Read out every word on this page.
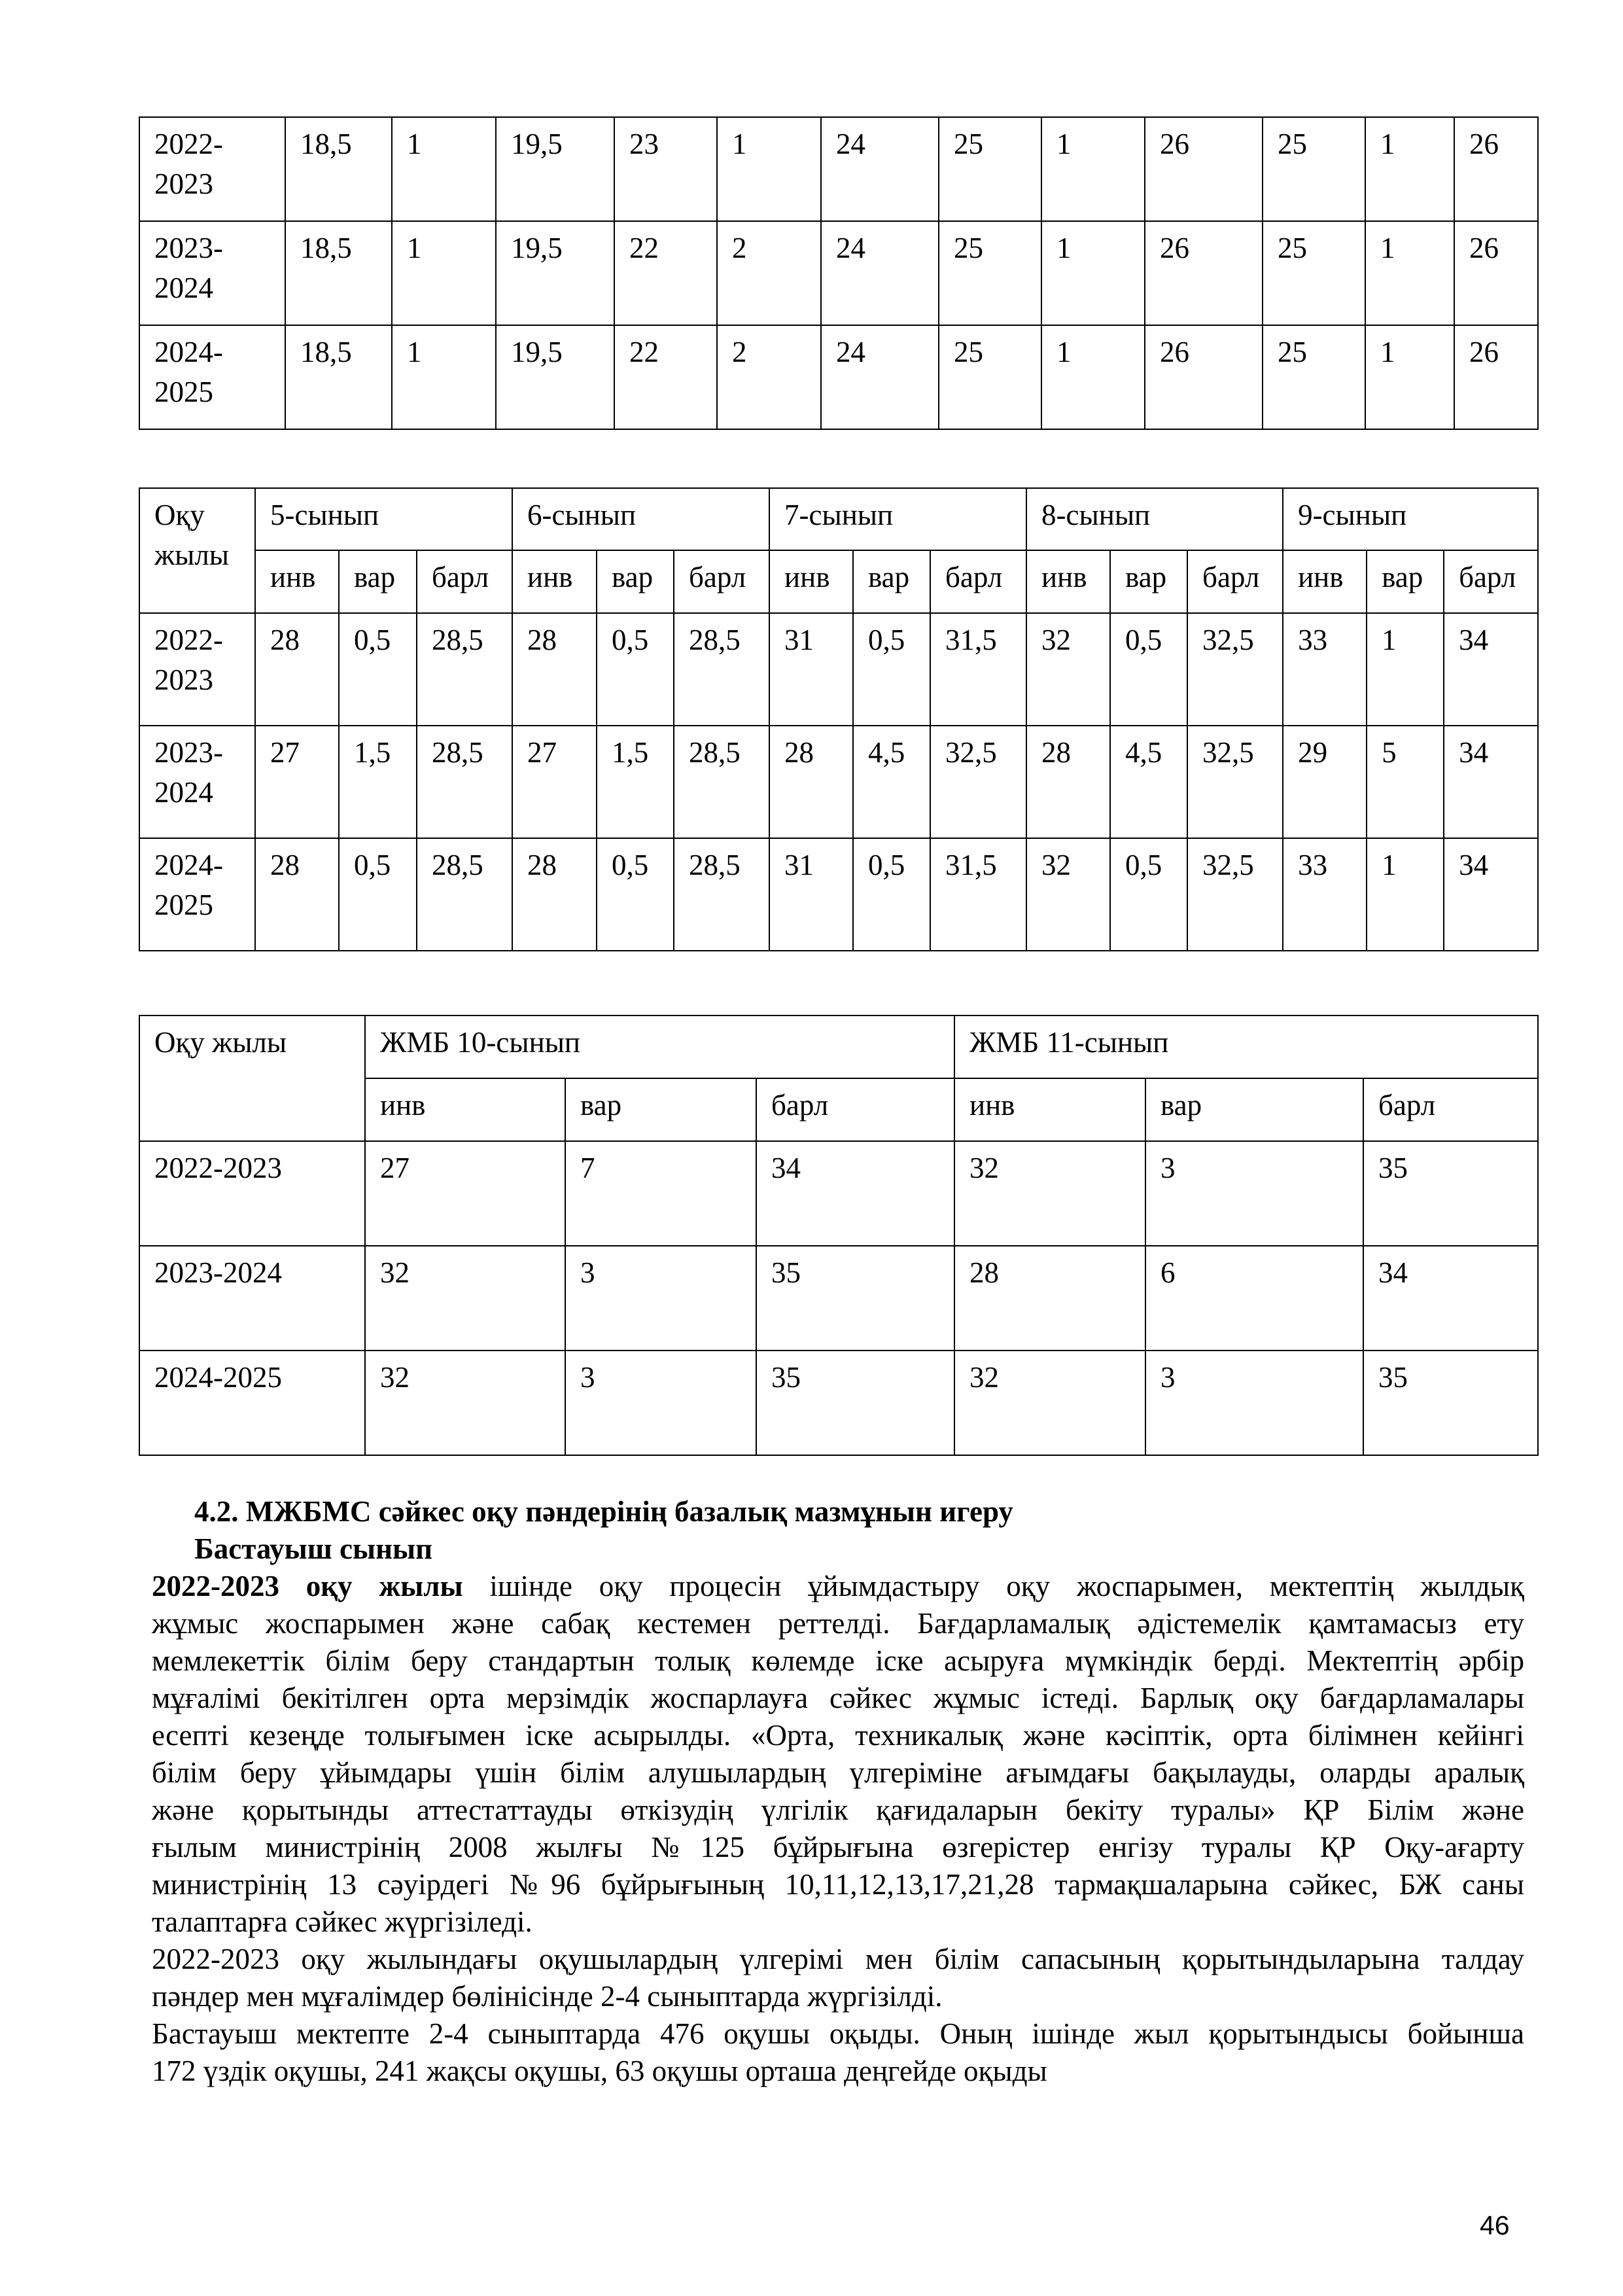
2022-
2023	18,5	1	19,5	23	1	24	25	1	26	25	1	26
2023-
2024	18,5	1	19,5	22	2	24	25	1	26	25	1	26
2024-
2025	18,5	1	19,5	22	2	24	25	1	26	25	1	26
Оқу
жылы	5-сынып			6-сынып			7-сынып			8-сынып			9-сынып		
	инв	вар	барл	инв	вар	барл	инв	вар	барл	инв	вар	барл	инв	вар	барл
2022-
2023	28	0,5	28,5	28	0,5	28,5	31	0,5	31,5	32	0,5	32,5	33	1	34
2023-
2024	27	1,5	28,5	27	1,5	28,5	28	4,5	32,5	28	4,5	32,5	29	5	34
2024-
2025	28	0,5	28,5	28	0,5	28,5	31	0,5	31,5	32	0,5	32,5	33	1	34
Оқу жылы	ЖМБ 10-сынып			ЖМБ 11-сынып		
	инв	вар	барл	инв	вар	барл
2022-2023	27	7	34	32	3	35
2023-2024	32	3	35	28	6	34
2024-2025	32	3	35	32	3	35
4.2. МЖБМС сәйкес оқу пәндерінің базалық мазмұнын игеру
Бастауыш сынып
2022-2023 оқу жылы ішінде оқу процесін ұйымдастыру оқу жоспарымен, мектептің жылдық
жұмыс жоспарымен және сабақ кестемен реттелді. Бағдарламалық әдістемелік қамтамасыз ету
мемлекеттік білім беру стандартын толық көлемде іске асыруға мүмкіндік берді. Мектептің әрбір
мұғалімі бекітілген орта мерзімдік жоспарлауға сәйкес жұмыс істеді. Барлық оқу бағдарламалары
есепті кезеңде толығымен іске асырылды. «Орта, техникалық және кәсіптік, орта білімнен кейінгі
білім беру ұйымдары үшін білім алушылардың үлгеріміне ағымдағы бақылауды, оларды аралық
және қорытынды аттестаттауды өткізудің үлгілік қағидаларын бекіту туралы» ҚР Білім және
ғылым министрінің 2008 жылғы №125 бұйрығына өзгерістер енгізу туралы ҚР Оқу-ағарту
министрінің 13 сәуірдегі №96 бұйрығының 10,11,12,13,17,21,28 тармақшаларына сәйкес, БЖ саны
талаптарға сәйкес жүргізіледі.
2022-2023 оқу жылындағы оқушылардың үлгерімі мен білім сапасының қорытындыларына талдау
пәндер мен мұғалімдер бөлінісінде 2-4 сыныптарда жүргізілді.
Бастауыш мектепте 2-4 сыныптарда 476 оқушы оқыды. Оның ішінде жыл қорытындысы бойынша
172 үздік оқушы, 241 жақсы оқушы, 63 оқушы орташа деңгейде оқыды
46
